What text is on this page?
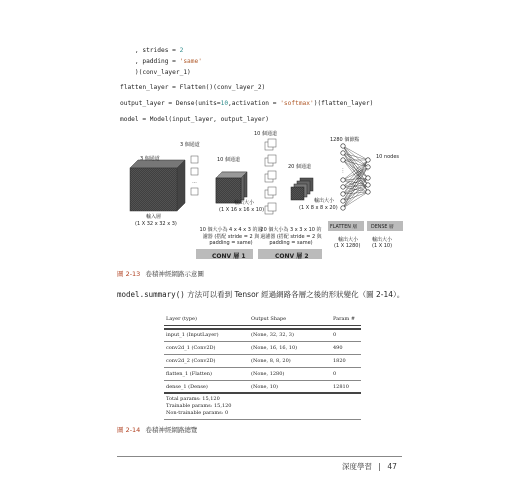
, strides = 2
, padding = 'same'
)(conv_layer_1)
flatten_layer = Flatten()(conv_layer_2)
output_layer = Dense(units=10,activation = 'softmax')(flatten_layer)
model = Model(input_layer, output_layer)
...
⋮	⋮
3 個通道
輸入層
(1 X 32 x 32 x 3)
3 個通道
10 個通道
輸出大小
(1 X 16 x 16 x 10)
10 個大小為 4 x 4 x 3 的過
濾器 (搭配 stride = 2 與
padding = same)
CONV 層 1
10 個通道
20 個通道
輸出大小
(1 X 8 x 8 x 20)
20 個大小為 3 x 3 x 10 的
過濾器 (搭配 stride = 2 與
padding = same)
CONV 層 2
1280 個節點
10 nodes
FLATTEN 層	DENSE 層
輸出大小
(1 X 1280)
輸出大小
(1 X 10)
圖 2-13 卷積神經網路示意圖
model.summary() 方法可以看到 Tensor 經過網路各層之後的形狀變化（圖 2-14）。
Layer (type)	Output Shape	Param #
input_1 (InputLayer)	(None, 32, 32, 3)	0
conv2d_1 (Conv2D)	(None, 16, 16, 10)	490
conv2d_2 (Conv2D)	(None, 8, 8, 20)	1820
flatten_1 (Flatten)	(None, 1280)	0
dense_1 (Dense)	(None, 10)	12810
Total params: 15,120
Trainable params: 15,120
Non-trainable params: 0
圖 2-14 卷積神經網路總覽
深度學習 | 47
